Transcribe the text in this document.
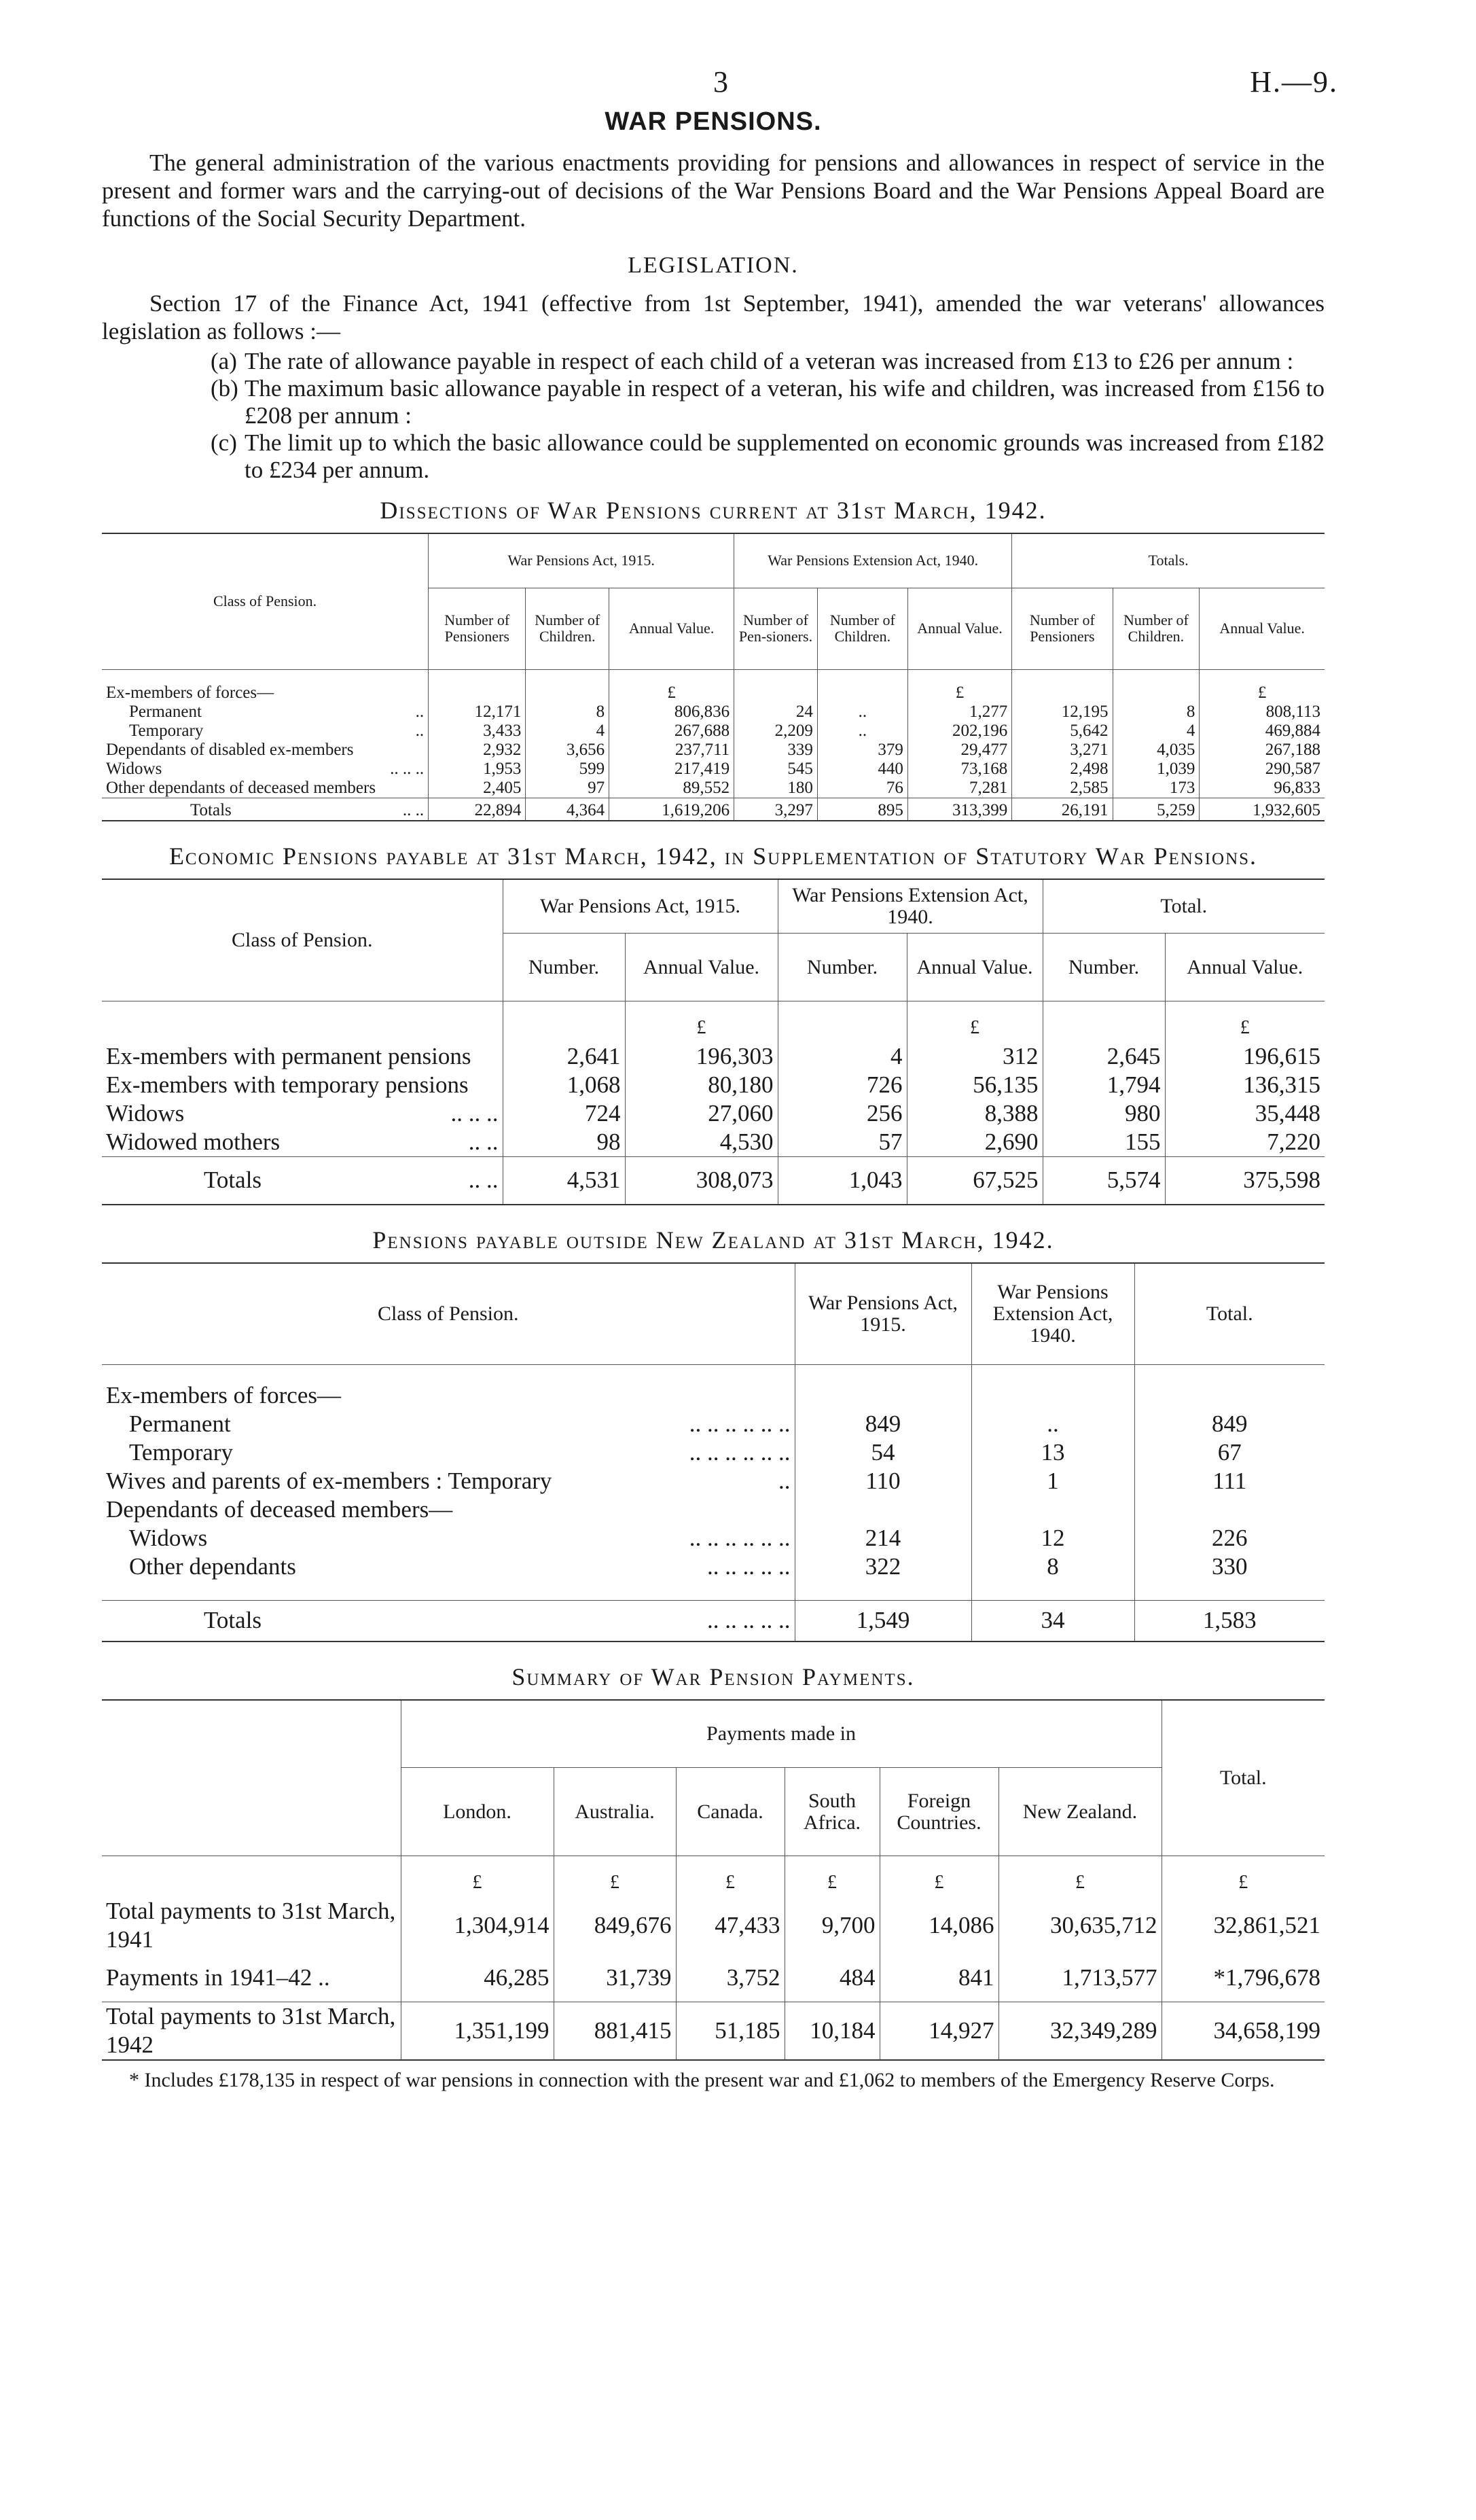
3	H.—9.
WAR PENSIONS.

The general administration of the various enactments providing for pensions and allowances in respect of service in the present and former wars and the carrying-out of decisions of the War Pensions Board and the War Pensions Appeal Board are functions of the Social Security Department.

LEGISLATION.

Section 17 of the Finance Act, 1941 (effective from 1st September, 1941), amended the war veterans' allowances legislation as follows :—

(a) The rate of allowance payable in respect of each child of a veteran was increased from £13 to £26 per annum :
(b) The maximum basic allowance payable in respect of a veteran, his wife and children, was increased from £156 to £208 per annum :
(c) The limit up to which the basic allowance could be supplemented on economic grounds was increased from £182 to £234 per annum.
Dissections of War Pensions current at 31st March, 1942.
Class of Pension.	War Pensions Act, 1915.			War Pensions Extension Act, 1940.			Totals.		
	Number of Pensioners	Number of Children.	Annual Value.	Number of Pen-sioners.	Number of Children.	Annual Value.	Number of Pensioners	Number of Children.	Annual Value.
Ex-members of forces—			£			£			£
Permanent ..	12,171	8	806,836	24	..	1,277	12,195	8	808,113
Temporary ..	3,433	4	267,688	2,209	..	202,196	5,642	4	469,884
Dependants of disabled ex-members	2,932	3,656	237,711	339	379	29,477	3,271	4,035	267,188
Widows .. .. ..	1,953	599	217,419	545	440	73,168	2,498	1,039	290,587
Other dependants of deceased members	2,405	97	89,552	180	76	7,281	2,585	173	96,833
Totals .. ..	22,894	4,364	1,619,206	3,297	895	313,399	26,191	5,259	1,932,605
Economic Pensions payable at 31st March, 1942, in Supplementation of Statutory War Pensions.
Class of Pension.	War Pensions Act, 1915.		War Pensions Extension Act, 1940.		Total.	
	Number.	Annual Value.	Number.	Annual Value.	Number.	Annual Value.
		£		£		£
Ex-members with permanent pensions	2,641	196,303	4	312	2,645	196,615
Ex-members with temporary pensions	1,068	80,180	726	56,135	1,794	136,315
Widows .. .. ..	724	27,060	256	8,388	980	35,448
Widowed mothers .. ..	98	4,530	57	2,690	155	7,220
Totals .. ..	4,531	308,073	1,043	67,525	5,574	375,598
Pensions payable outside New Zealand at 31st March, 1942.
Class of Pension.	War Pensions Act, 1915.	War Pensions Extension Act, 1940.	Total.
Ex-members of forces—			
Permanent .. .. .. .. .. ..	849	..	849
Temporary .. .. .. .. .. ..	54	13	67
Wives and parents of ex-members : Temporary ..	110	1	111
Dependants of deceased members—			
Widows .. .. .. .. .. ..	214	12	226
Other dependants .. .. .. .. ..	322	8	330

Totals .. .. .. .. ..	1,549	34	1,583
Summary of War Pension Payments.
	Payments made in						Total.
	London.	Australia.	Canada.	South Africa.	Foreign Countries.	New Zealand.	
	£	£	£	£	£	£	£
Total payments to 31st March, 1941	1,304,914	849,676	47,433	9,700	14,086	30,635,712	32,861,521
Payments in 1941–42 ..	46,285	31,739	3,752	484	841	1,713,577	*1,796,678
Total payments to 31st March, 1942	1,351,199	881,415	51,185	10,184	14,927	32,349,289	34,658,199

* Includes £178,135 in respect of war pensions in connection with the present war and £1,062 to members of the Emergency Reserve Corps.
